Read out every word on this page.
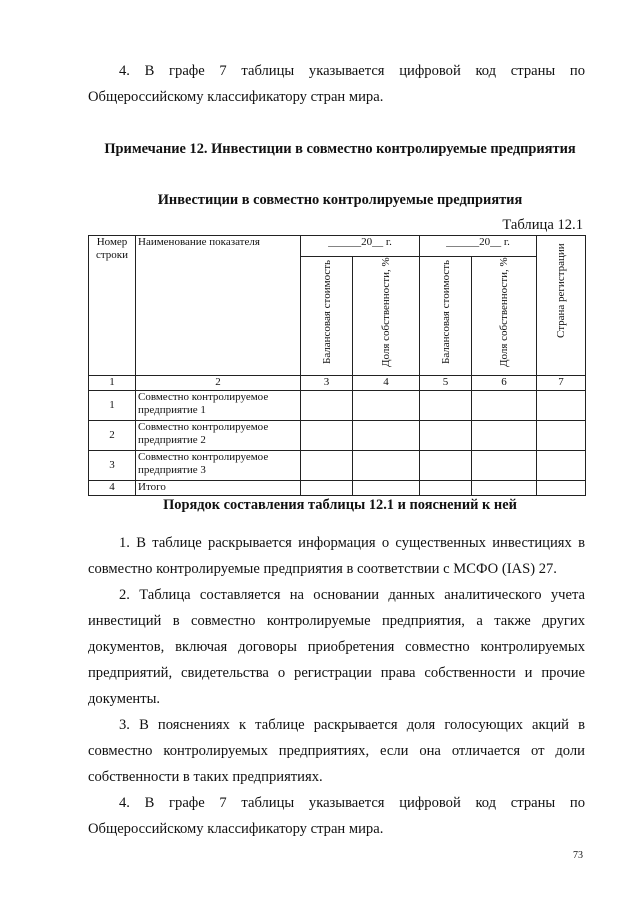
4. В графе 7 таблицы указывается цифровой код страны по
Общероссийскому классификатору стран мира.

Примечание 12. Инвестиции в совместно контролируемые предприятия

Инвестиции в совместно контролируемые предприятия

Таблица 12.1

Номер строки	Наименование показателя	______20__ г.		______20__ г.		Страна регистрации

		Балансовая стоимость	Доля собственности, %	Балансовая стоимость	Доля собственности, %	

1	2	3	4	5	6	7
1	Совместно контролируемое предприятие 1					
2	Совместно контролируемое предприятие 2					
3	Совместно контролируемое предприятие 3					
4	Итого					

Порядок составления таблицы 12.1 и пояснений к ней

1. В таблице раскрывается информация о существенных инвестициях в
совместно контролируемые предприятия в соответствии с МСФО (IAS) 27.
2. Таблица составляется на основании данных аналитического учета
инвестиций в совместно контролируемые предприятия, а также других
документов, включая договоры приобретения совместно контролируемых
предприятий, свидетельства о регистрации права собственности и прочие
документы.
3. В пояснениях к таблице раскрывается доля голосующих акций в
совместно контролируемых предприятиях, если она отличается от доли
собственности в таких предприятиях.
4. В графе 7 таблицы указывается цифровой код страны по
Общероссийскому классификатору стран мира.

73
